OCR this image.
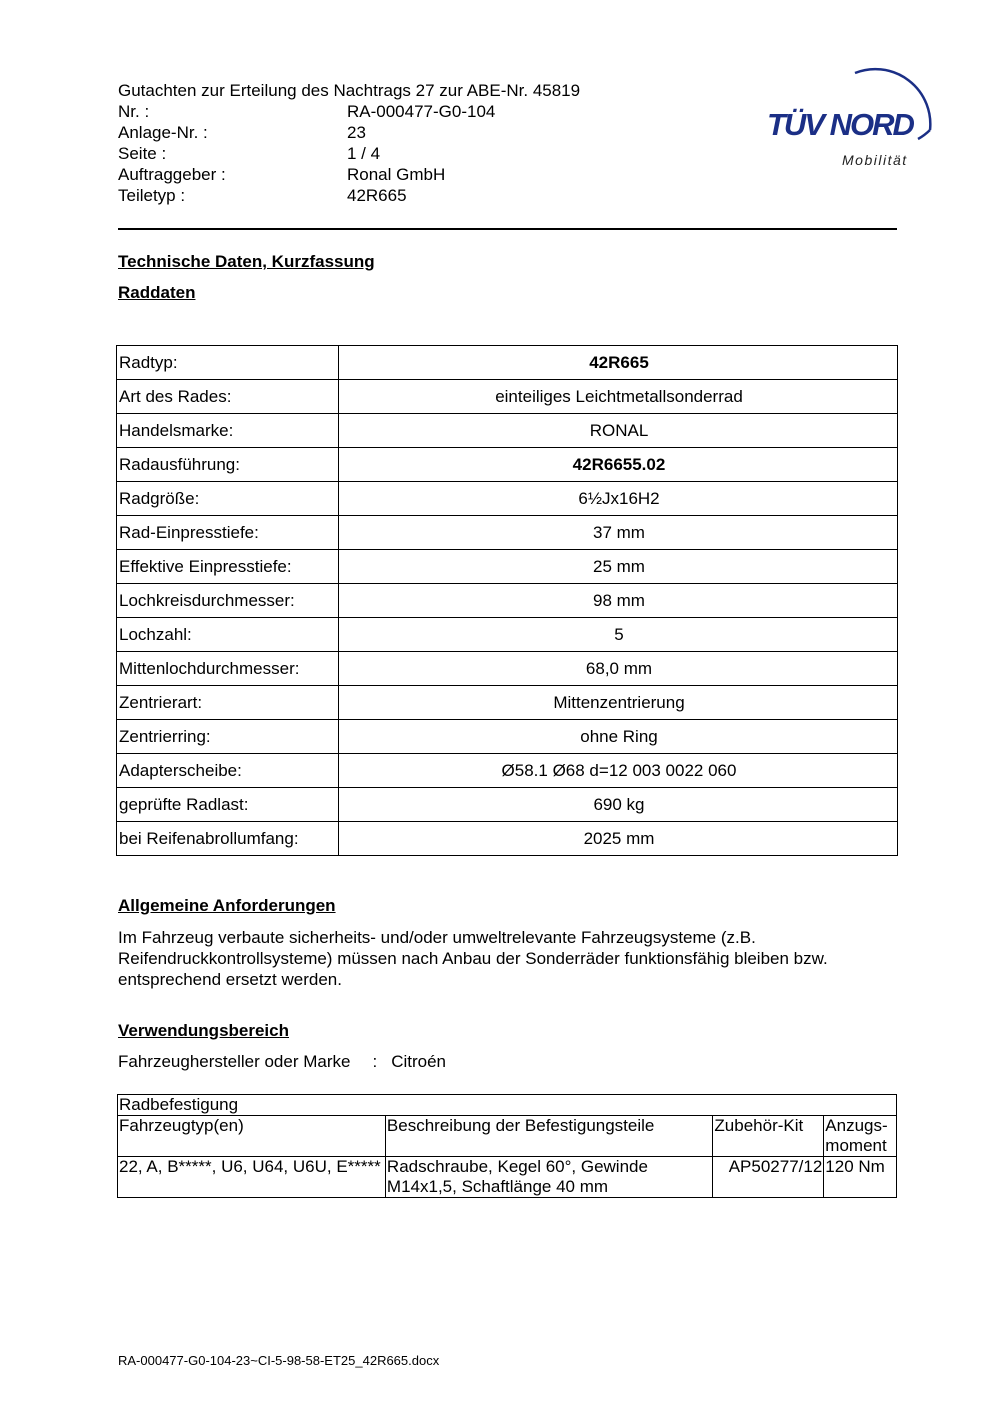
Gutachten zur Erteilung des Nachtrags 27 zur ABE-Nr. 45819
Nr. :	RA-000477-G0-104
Anlage-Nr. :	23
Seite :	1 / 4
Auftraggeber :	Ronal GmbH
Teiletyp :	42R665
TÜV NORD
Mobilität
Technische Daten, Kurzfassung
Raddaten
Radtyp:	42R665
Art des Rades:	einteiliges Leichtmetallsonderrad
Handelsmarke:	RONAL
Radausführung:	42R6655.02
Radgröße:	6½Jx16H2
Rad-Einpresstiefe:	37 mm
Effektive Einpresstiefe:	25 mm
Lochkreisdurchmesser:	98 mm
Lochzahl:	5
Mittenlochdurchmesser:	68,0 mm
Zentrierart:	Mittenzentrierung
Zentrierring:	ohne Ring
Adapterscheibe:	Ø58.1 Ø68 d=12 003 0022 060
geprüfte Radlast:	690 kg
bei Reifenabrollumfang:	2025 mm
Allgemeine Anforderungen
Im Fahrzeug verbaute sicherheits- und/oder umweltrelevante Fahrzeugsysteme (z.B. Reifendruckkontrollsysteme) müssen nach Anbau der Sonderräder funktionsfähig bleiben bzw. entsprechend ersetzt werden.
Verwendungsbereich
Fahrzeughersteller oder Marke : Citroén
Radbefestigung			
Fahrzeugtyp(en)	Beschreibung der Befestigungsteile	Zubehör-Kit	Anzugs-moment
22, A, B*****, U6, U64, U6U, E*****	Radschraube, Kegel 60°, Gewinde M14x1,5, Schaftlänge 40 mm	AP50277/12	120 Nm
RA-000477-G0-104-23~CI-5-98-58-ET25_42R665.docx
